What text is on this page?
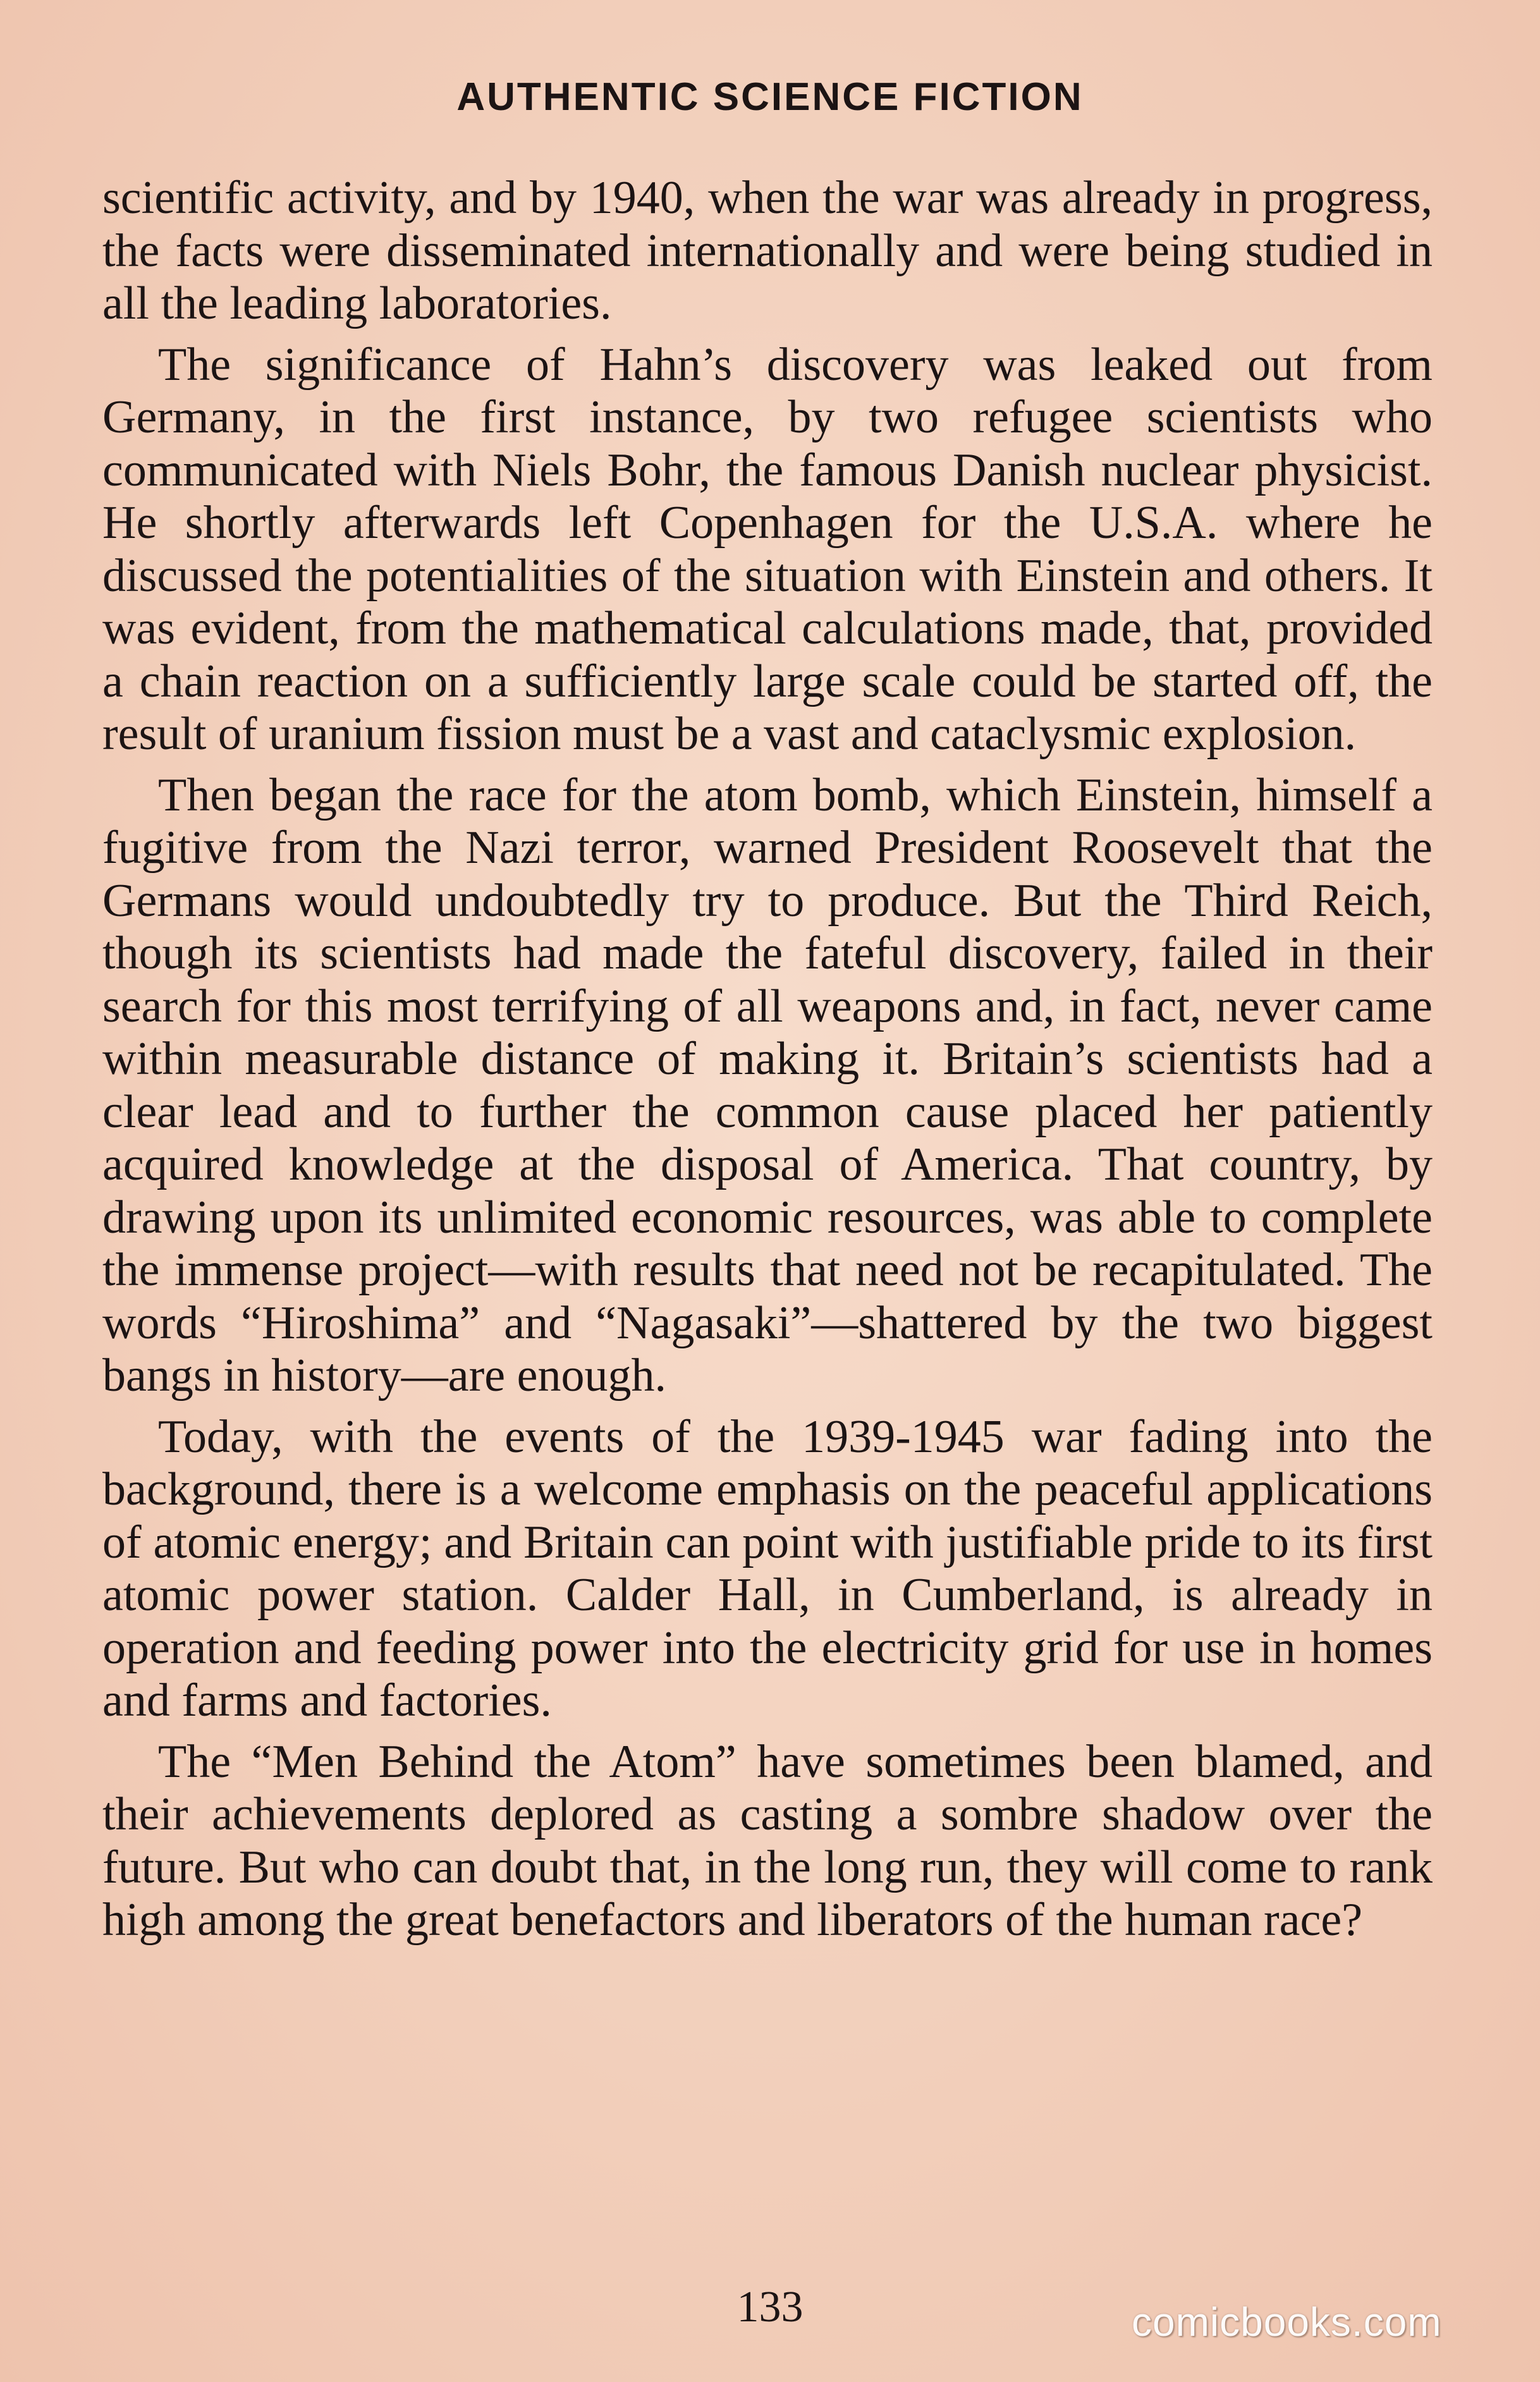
AUTHENTIC SCIENCE FICTION

scientific activity, and by 1940, when the war was already in progress, the facts were disseminated internationally and were being studied in all the leading laboratories.

The significance of Hahn’s discovery was leaked out from Germany, in the first instance, by two refugee scientists who communicated with Niels Bohr, the famous Danish nuclear physicist. He shortly afterwards left Copenhagen for the U.S.A. where he discussed the potentialities of the situation with Einstein and others. It was evident, from the mathematical calculations made, that, provided a chain reaction on a sufficiently large scale could be started off, the result of uranium fission must be a vast and cataclysmic explosion.

Then began the race for the atom bomb, which Einstein, himself a fugitive from the Nazi terror, warned President Roosevelt that the Germans would undoubtedly try to produce. But the Third Reich, though its scientists had made the fateful discovery, failed in their search for this most terrifying of all weapons and, in fact, never came within measurable distance of making it. Britain’s scientists had a clear lead and to further the common cause placed her patiently acquired knowledge at the disposal of America. That country, by drawing upon its unlimited economic resources, was able to complete the immense project—with results that need not be recapitulated. The words “Hiroshima” and “Nagasaki”—shattered by the two biggest bangs in history—are enough.

Today, with the events of the 1939-1945 war fading into the background, there is a welcome emphasis on the peaceful applications of atomic energy; and Britain can point with justifiable pride to its first atomic power station. Calder Hall, in Cumberland, is already in operation and feeding power into the electricity grid for use in homes and farms and factories.

The “Men Behind the Atom” have sometimes been blamed, and their achievements deplored as casting a sombre shadow over the future. But who can doubt that, in the long run, they will come to rank high among the great benefactors and liberators of the human race?

133	comicbooks.com
